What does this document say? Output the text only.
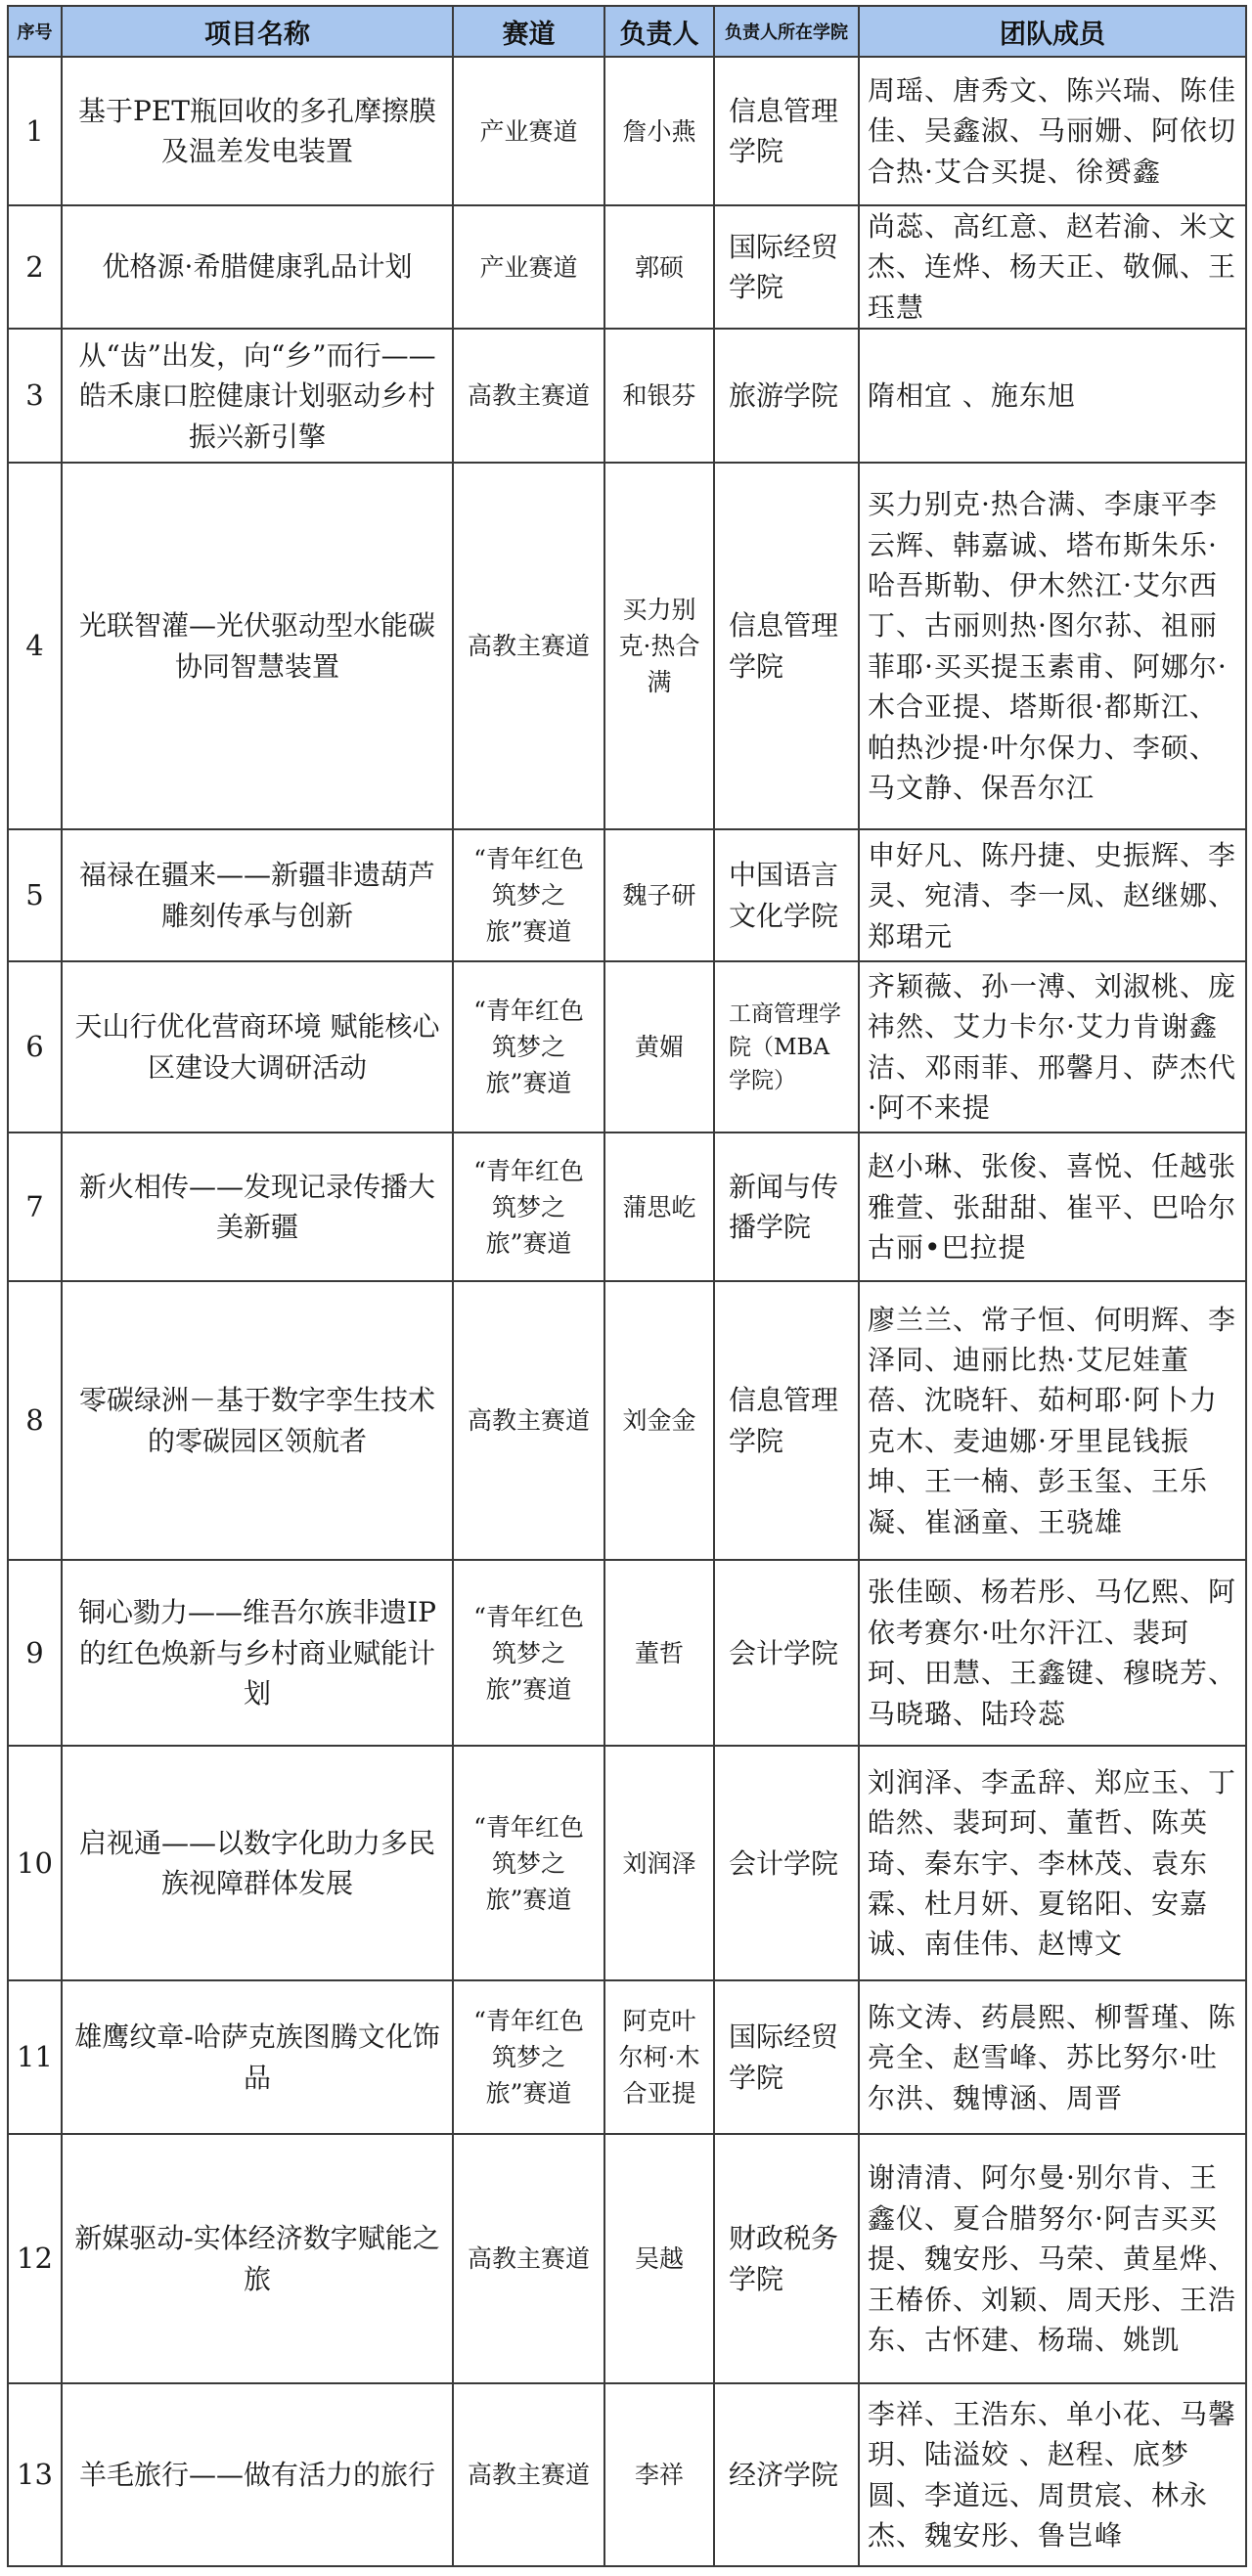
序号	项目名称	赛道	负责人	负责人所在学院	团队成员
1	基于PET瓶回收的多孔摩擦膜及温差发电装置	产业赛道	詹小燕	信息管理学院	周瑶、唐秀文、陈兴瑞、陈佳佳、吴鑫淑、马丽姗、阿依切合热·艾合买提、徐赟鑫
2	优格源·希腊健康乳品计划	产业赛道	郭硕	国际经贸学院	尚蕊、高红意、赵若渝、米文杰、连烨、杨天正、敬佩、王珏慧
3	从“齿”出发，向“乡”而行——皓禾康口腔健康计划驱动乡村振兴新引擎	高教主赛道	和银芬	旅游学院	隋相宜 、施东旭
4	光联智灌—光伏驱动型水能碳协同智慧装置	高教主赛道	买力别克·热合满	信息管理学院	买力别克·热合满、李康平李云辉、韩嘉诚、塔布斯朱乐·哈吾斯勒、伊木然江·艾尔西丁、古丽则热·图尔荪、祖丽菲耶·买买提玉素甫、阿娜尔·木合亚提、塔斯很·都斯江、帕热沙提·叶尔保力、李硕、马文静、保吾尔江
5	福禄在疆来——新疆非遗葫芦雕刻传承与创新	“青年红色筑梦之旅”赛道	魏子研	中国语言文化学院	申好凡、陈丹捷、史振辉、李灵、宛清、李一凤、赵继娜、郑珺元
6	天山行优化营商环境 赋能核心区建设大调研活动	“青年红色筑梦之旅”赛道	黄媚	工商管理学院（MBA学院）	齐颖薇、孙一溥、刘淑桃、庞祎然、艾力卡尔·艾力肯谢鑫洁、邓雨菲、邢馨月、萨杰代·阿不来提
7	新火相传——发现记录传播大美新疆	“青年红色筑梦之旅”赛道	蒲思屹	新闻与传播学院	赵小琳、张俊、喜悦、任越张雅萱、张甜甜、崔平、巴哈尔古丽•巴拉提
8	零碳绿洲－基于数字孪生技术的零碳园区领航者	高教主赛道	刘金金	信息管理学院	廖兰兰、常子恒、何明辉、李泽同、迪丽比热·艾尼娃董蓓、沈晓轩、茹柯耶·阿卜力克木、麦迪娜·牙里昆钱振坤、王一楠、彭玉玺、王乐凝、崔涵童、王骁雄
9	铜心勠力——维吾尔族非遗IP 的红色焕新与乡村商业赋能计划	“青年红色筑梦之旅”赛道	董哲	会计学院	张佳颐、杨若彤、马亿熙、阿依考赛尔·吐尔汗江、裴珂珂、田慧、王鑫键、穆晓芳、马晓璐、陆玲蕊
10	启视通——以数字化助力多民族视障群体发展	“青年红色筑梦之旅”赛道	刘润泽	会计学院	刘润泽、李孟辞、郑应玉、丁皓然、裴珂珂、董哲、陈英琦、秦东宇、李林茂、袁东霖、杜月妍、夏铭阳、安嘉诚、南佳伟、赵博文
11	雄鹰纹章-哈萨克族图腾文化饰品	“青年红色筑梦之旅”赛道	阿克叶尔柯·木合亚提	国际经贸学院	陈文涛、药晨熙、柳誓瑾、陈亮全、赵雪峰、苏比努尔·吐尔洪、魏博涵、周晋
12	新媒驱动-实体经济数字赋能之旅	高教主赛道	吴越	财政税务学院	谢清清、阿尔曼·别尔肯、王鑫仪、夏合腊努尔·阿吉买买提、魏安彤、马荣、黄星烨、王椿侨、刘颖、周天彤、王浩东、古怀建、杨瑞、姚凯
13	羊毛旅行——做有活力的旅行	高教主赛道	李祥	经济学院	李祥、王浩东、单小花、马馨玥、陆溢姣 、赵程、底梦圆、李道远、周贯宸、林永杰、魏安彤、鲁岂峰
